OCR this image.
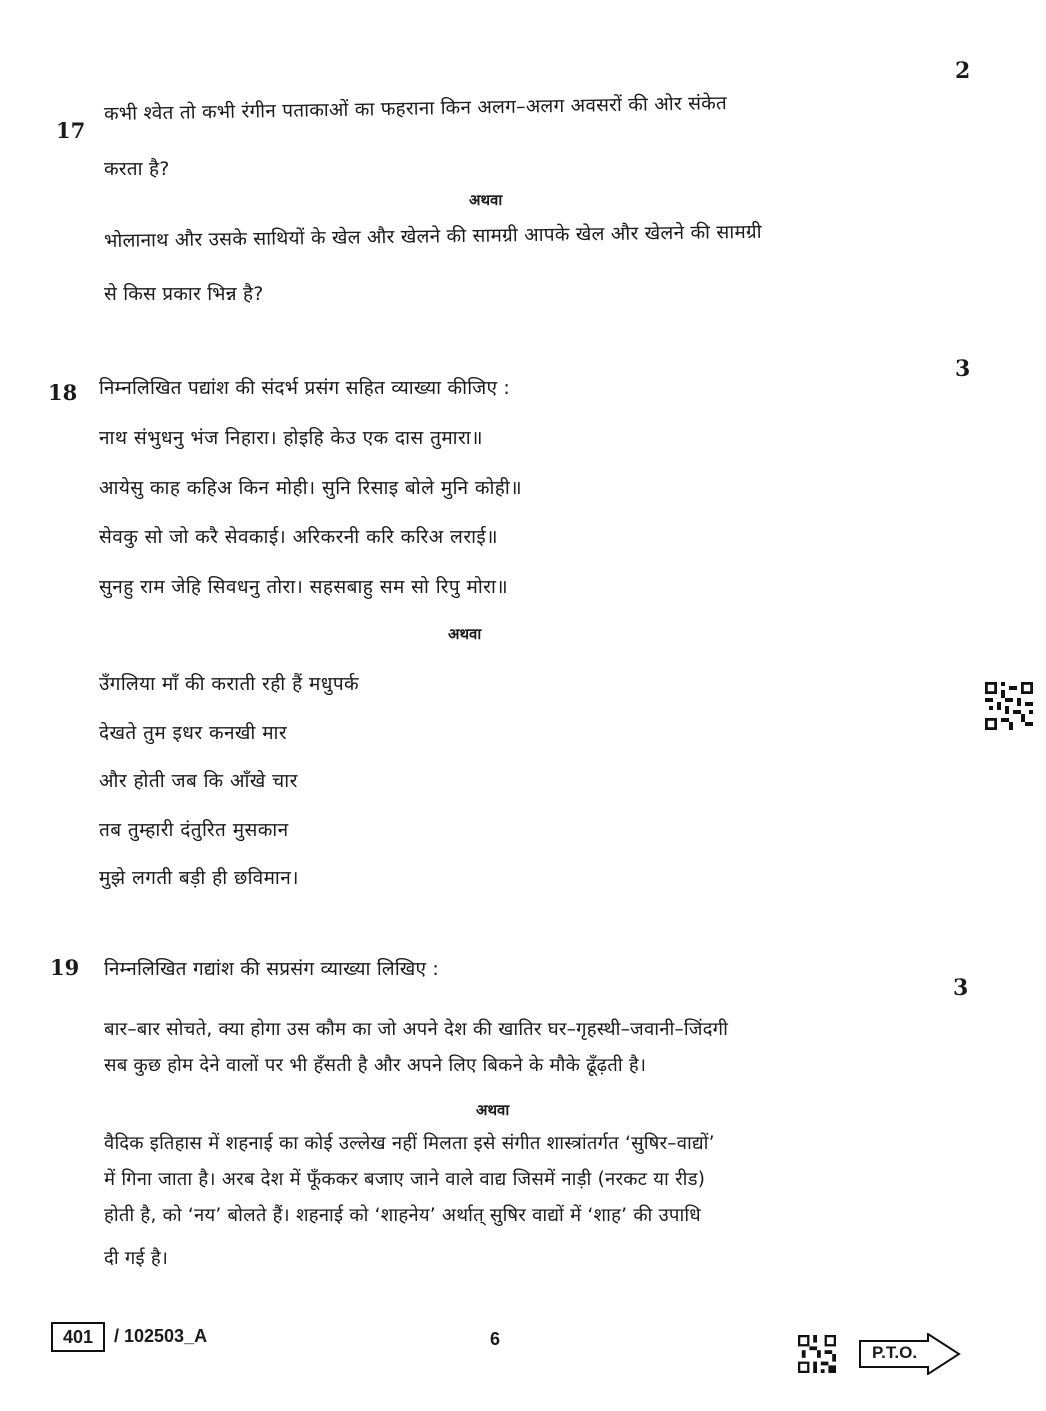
2
17
कभी श्वेत तो कभी रंगीन पताकाओं का फहराना किन अलग–अलग अवसरों की ओर संकेत
करता है?
अथवा
भोलानाथ और उसके साथियों के खेल और खेलने की सामग्री आपके खेल और खेलने की सामग्री
से किस प्रकार भिन्न है?
3
18 निम्नलिखित पद्यांश की संदर्भ प्रसंग सहित व्याख्या कीजिए :
नाथ संभुधनु भंज निहारा। होइहि केउ एक दास तुमारा॥
आयेसु काह कहिअ किन मोही। सुनि रिसाइ बोले मुनि कोही॥
सेवकु सो जो करै सेवकाई। अरिकरनी करि करिअ लराई॥
सुनहु राम जेहि सिवधनु तोरा। सहसबाहु सम सो रिपु मोरा॥
अथवा
उँगलिया माँ की कराती रही हैं मधुपर्क
देखते तुम इधर कनखी मार
और होती जब कि आँखे चार
तब तुम्हारी दंतुरित मुसकान
मुझे लगती बड़ी ही छविमान।
19 निम्नलिखित गद्यांश की सप्रसंग व्याख्या लिखिए :
3
बार–बार सोचते, क्या होगा उस कौम का जो अपने देश की खातिर घर–गृहस्थी–जवानी–जिंदगी
सब कुछ होम देने वालों पर भी हँसती है और अपने लिए बिकने के मौके ढूँढ़ती है।
अथवा
वैदिक इतिहास में शहनाई का कोई उल्लेख नहीं मिलता इसे संगीत शास्त्रांतर्गत ‘सुषिर–वाद्यों’
में गिना जाता है। अरब देश में फूँककर बजाए जाने वाले वाद्य जिसमें नाड़ी (नरकट या रीड)
होती है, को ‘नय’ बोलते हैं। शहनाई को ‘शाहनेय’ अर्थात् सुषिर वाद्यों में ‘शाह’ की उपाधि
दी गई है।
401	/ 102503_A	6
P.T.O.
